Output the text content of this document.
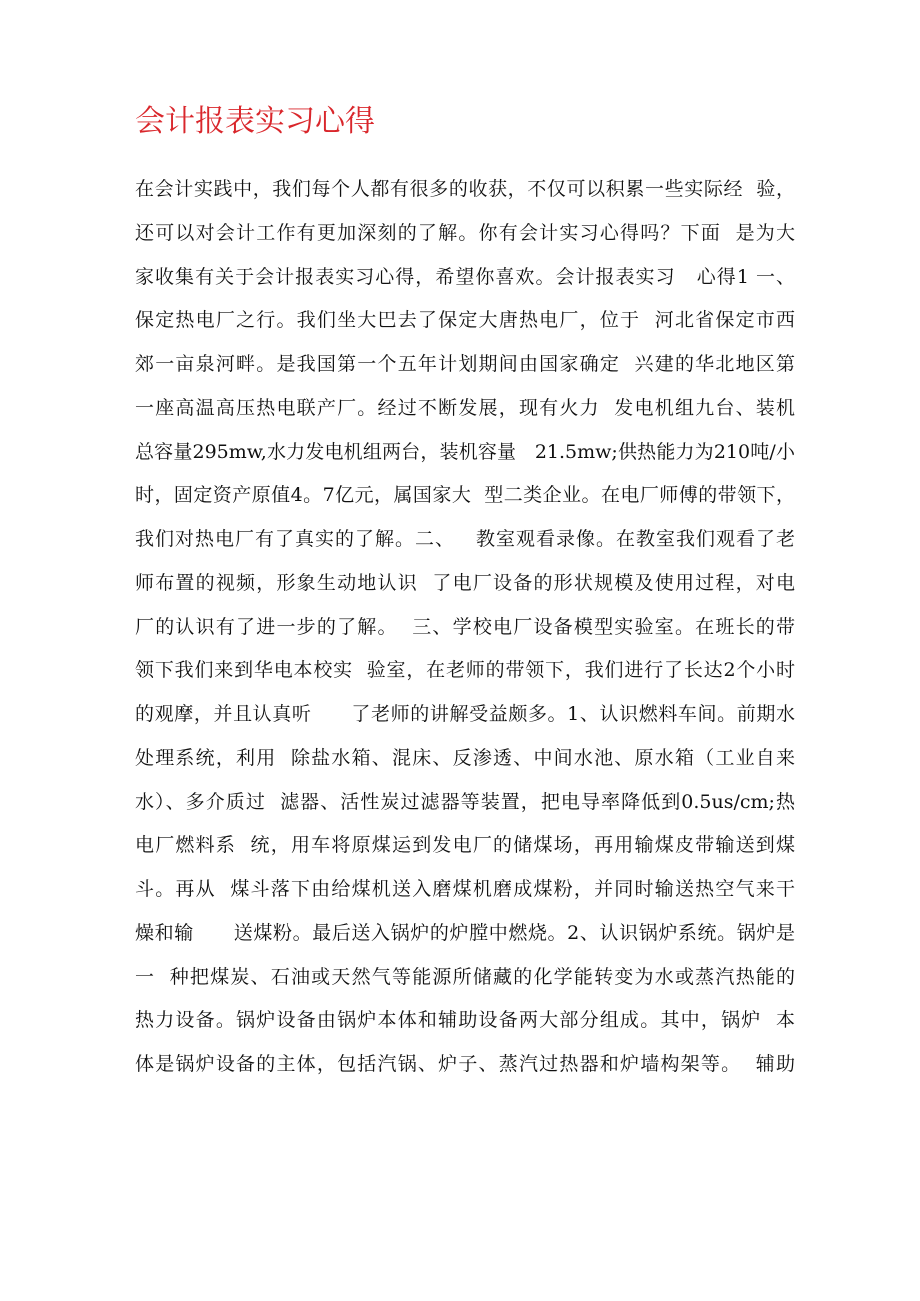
会计报表实习心得
在会计实践中，我们每个人都有很多的收获，不仅可以积累一些实际经  验，
还可以对会计工作有更加深刻的了解。你有会计实习心得吗？下面  是为大
家收集有关于会计报表实习心得，希望你喜欢。会计报表实习   心得1 一、
保定热电厂之行。我们坐大巴去了保定大唐热电厂，位于  河北省保定市西
郊一亩泉河畔。是我国第一个五年计划期间由国家确定  兴建的华北地区第
一座高温高压热电联产厂。经过不断发展，现有火力  发电机组九台、装机
总容量295mw,水力发电机组两台，装机容量   21.5mw;供热能力为210吨/小
时，固定资产原值4。7亿元，属国家大  型二类企业。在电厂师傅的带领下，
我们对热电厂有了真实的了解。二、   教室观看录像。在教室我们观看了老
师布置的视频，形象生动地认识  了电厂设备的形状规模及使用过程，对电
厂的认识有了进一步的了解。  三、学校电厂设备模型实验室。在班长的带
领下我们来到华电本校实  验室，在老师的带领下，我们进行了长达2个小时
的观摩，并且认真听      了老师的讲解受益颇多。1、认识燃料车间。前期水
处理系统，利用  除盐水箱、混床、反渗透、中间水池、原水箱（工业自来
水）、多介质过  滤器、活性炭过滤器等装置，把电导率降低到0.5us/cm;热
电厂燃料系  统，用车将原煤运到发电厂的储煤场，再用输煤皮带输送到煤
斗。再从  煤斗落下由给煤机送入磨煤机磨成煤粉，并同时输送热空气来干
燥和输      送煤粉。最后送入锅炉的炉膛中燃烧。2、认识锅炉系统。锅炉是
一  种把煤炭、石油或天然气等能源所储藏的化学能转变为水或蒸汽热能的
热力设备。锅炉设备由锅炉本体和辅助设备两大部分组成。其中，锅炉  本
体是锅炉设备的主体，包括汽锅、炉子、蒸汽过热器和炉墙构架等。  辅助
